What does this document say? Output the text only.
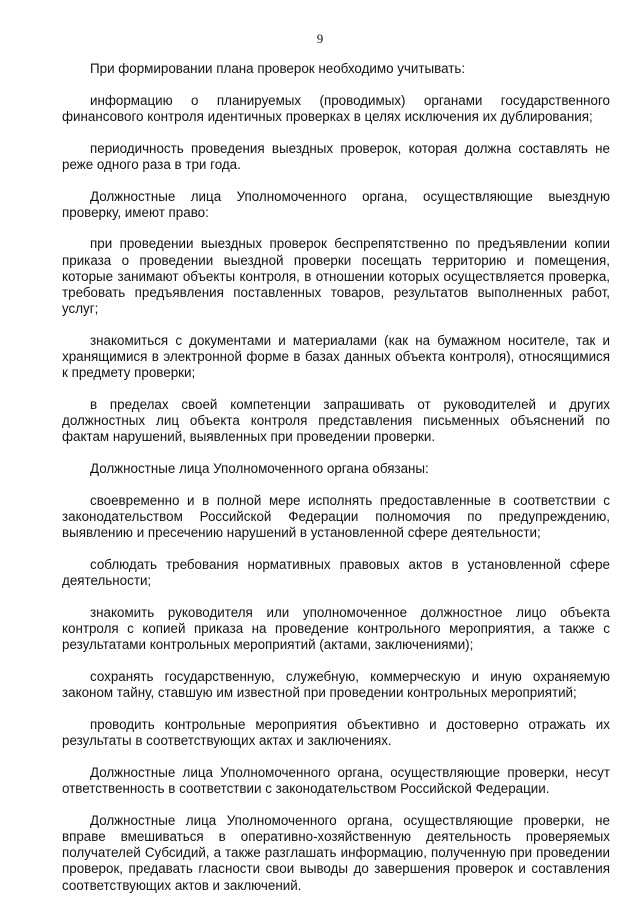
9

При формировании плана проверок необходимо учитывать:

информацию о планируемых (проводимых) органами государственного финансового контроля идентичных проверках в целях исключения их дублирования;

периодичность проведения выездных проверок, которая должна составлять не реже одного раза в три года.

Должностные лица Уполномоченного органа, осуществляющие выездную проверку, имеют право:

при проведении выездных проверок беспрепятственно по предъявлении копии приказа о проведении выездной проверки посещать территорию и помещения, которые занимают объекты контроля, в отношении которых осуществляется проверка, требовать предъявления поставленных товаров, результатов выполненных работ, услуг;

знакомиться с документами и материалами (как на бумажном носителе, так и хранящимися в электронной форме в базах данных объекта контроля), относящимися к предмету проверки;

в пределах своей компетенции запрашивать от руководителей и других должностных лиц объекта контроля представления письменных объяснений по фактам нарушений, выявленных при проведении проверки.

Должностные лица Уполномоченного органа обязаны:

своевременно и в полной мере исполнять предоставленные в соответствии с законодательством Российской Федерации полномочия по предупреждению, выявлению и пресечению нарушений в установленной сфере деятельности;

соблюдать требования нормативных правовых актов в установленной сфере деятельности;

знакомить руководителя или уполномоченное должностное лицо объекта контроля с копией приказа на проведение контрольного мероприятия, а также с результатами контрольных мероприятий (актами, заключениями);

сохранять государственную, служебную, коммерческую и иную охраняемую законом тайну, ставшую им известной при проведении контрольных мероприятий;

проводить контрольные мероприятия объективно и достоверно отражать их результаты в соответствующих актах и заключениях.

Должностные лица Уполномоченного органа, осуществляющие проверки, несут ответственность в соответствии с законодательством Российской Федерации.

Должностные лица Уполномоченного органа, осуществляющие проверки, не вправе вмешиваться в оперативно-хозяйственную деятельность проверяемых получателей Субсидий, а также разглашать информацию, полученную при проведении проверок, предавать гласности свои выводы до завершения проверок и составления соответствующих актов и заключений.
